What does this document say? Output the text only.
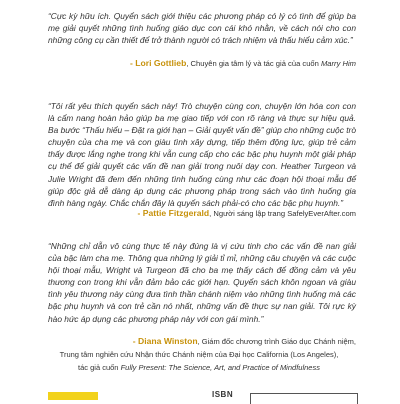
“Cực kỳ hữu ích. Quyển sách giới thiệu các phương pháp có lý có tình để giúp ba mẹ giải quyết những tình huống giáo dục con cái khó nhằn, về cách nói cho con những công cụ cần thiết để trở thành người có trách nhiệm và thấu hiểu cảm xúc.”

- Lori Gottlieb, Chuyên gia tâm lý và tác giả của cuốn Marry Him

“Tôi rất yêu thích quyển sách này! Trò chuyện cùng con, chuyện lớn hóa con con là cẩm nang hoàn hảo giúp ba mẹ giao tiếp với con rõ ràng và thực sự hiệu quả. Ba bước “Thấu hiểu – Đặt ra giới hạn – Giải quyết vấn đề” giúp cho những cuộc trò chuyện của cha mẹ và con giàu tình xây dựng, tiếp thêm động lực, giúp trẻ cảm thấy được lắng nghe trong khi vẫn cung cấp cho các bậc phụ huynh một giải pháp cụ thể để giải quyết các vấn đề nan giải trong nuôi dạy con. Heather Turgeon và Julie Wright đã đem đến những tình huống cùng như các đoạn hội thoại mẫu để giúp độc giả dễ dàng áp dụng các phương pháp trong sách vào tình huống gia đình hàng ngày. Chắc chắn đây là quyển sách phải-có cho các bậc phụ huynh.”

- Pattie Fitzgerald, Người sáng lập trang SafelyEverAfter.com

“Những chỉ dẫn vô cùng thực tế này đúng là vị cứu tinh cho các vấn đề nan giải của bậc làm cha mẹ. Thông qua những lý giải tỉ mỉ, những câu chuyện và các cuộc hội thoại mẫu, Wright và Turgeon đã cho ba mẹ thấy cách để đồng cảm và yêu thương con trong khi vẫn đảm bảo các giới hạn. Quyển sách khôn ngoan và giàu tình yêu thương này cùng đưa tình thần chánh niệm vào những tình huống mà các bậc phụ huynh và con trẻ cần nó nhất, những vấn đề thực sự nan giải. Tôi rực kỳ hào hức áp dụng các phương pháp này với con gái mình.”

- Diana Winston, Giám đốc chương trình Giáo dục Chánh niệm,
Trung tâm nghiên cứu Nhận thức Chánh niệm của Đại học California (Los Angeles),
tác giả cuốn Fully Present: The Science, Art, and Practice of Mindfulness
ISBN
